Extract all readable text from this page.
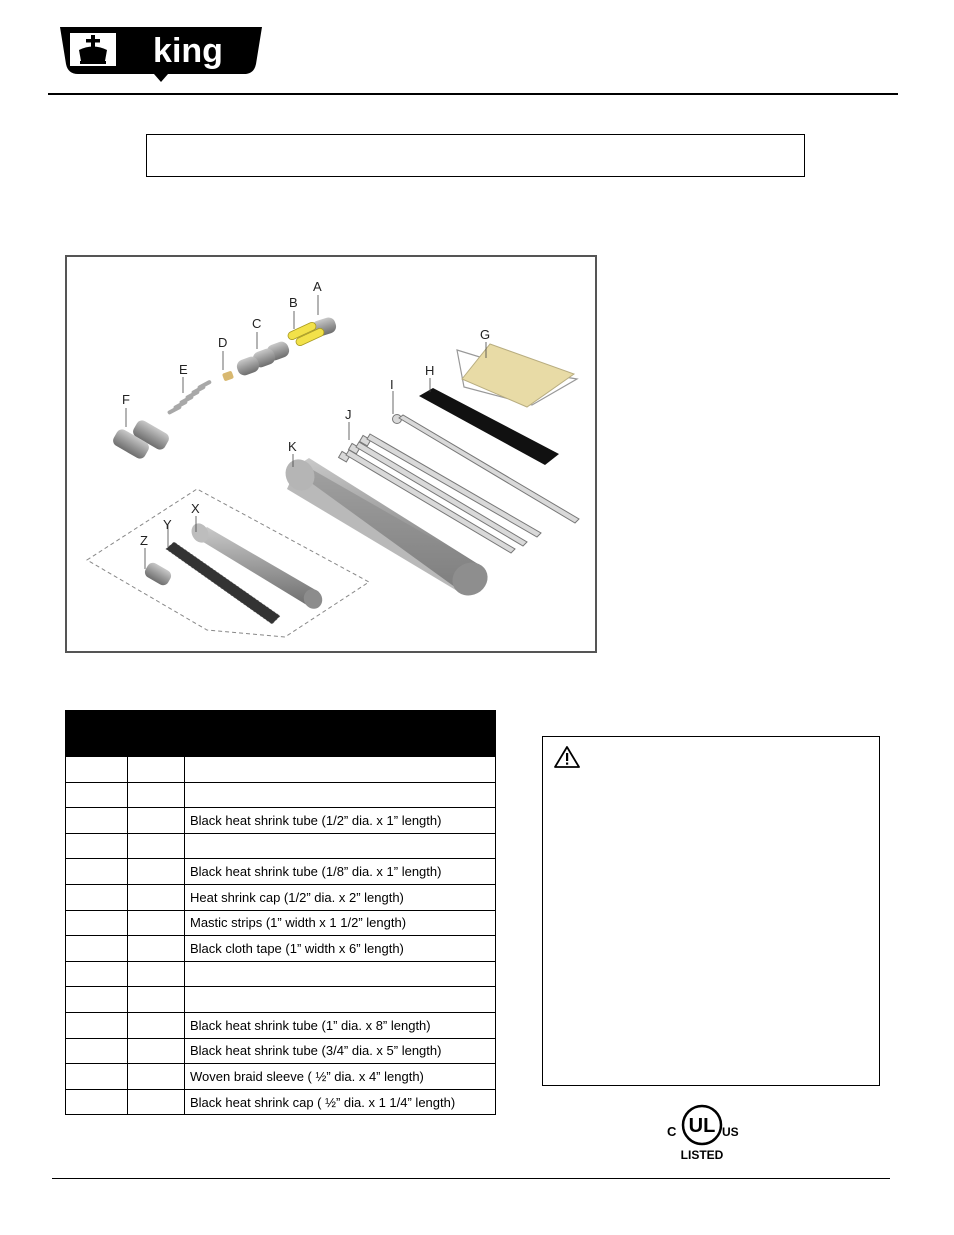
king
A
B
C
D
E
F
G
H
I
J
K
X
Y
Z

		Black heat shrink tube (1/2” dia. x 1” length)

		Black heat shrink tube (1/8” dia. x 1” length)
		Heat shrink cap (1/2” dia. x 2” length)
		Mastic strips (1” width x 1 1/2” length)
		Black cloth tape (1” width x 6” length)

		Black heat shrink tube (1” dia. x 8” length)
		Black heat shrink tube (3/4” dia. x 5” length)
		Woven braid sleeve ( ½” dia. x 4” length)
		Black heat shrink cap ( ½” dia. x 1 1/4” length)
UL
C	US
LISTED
